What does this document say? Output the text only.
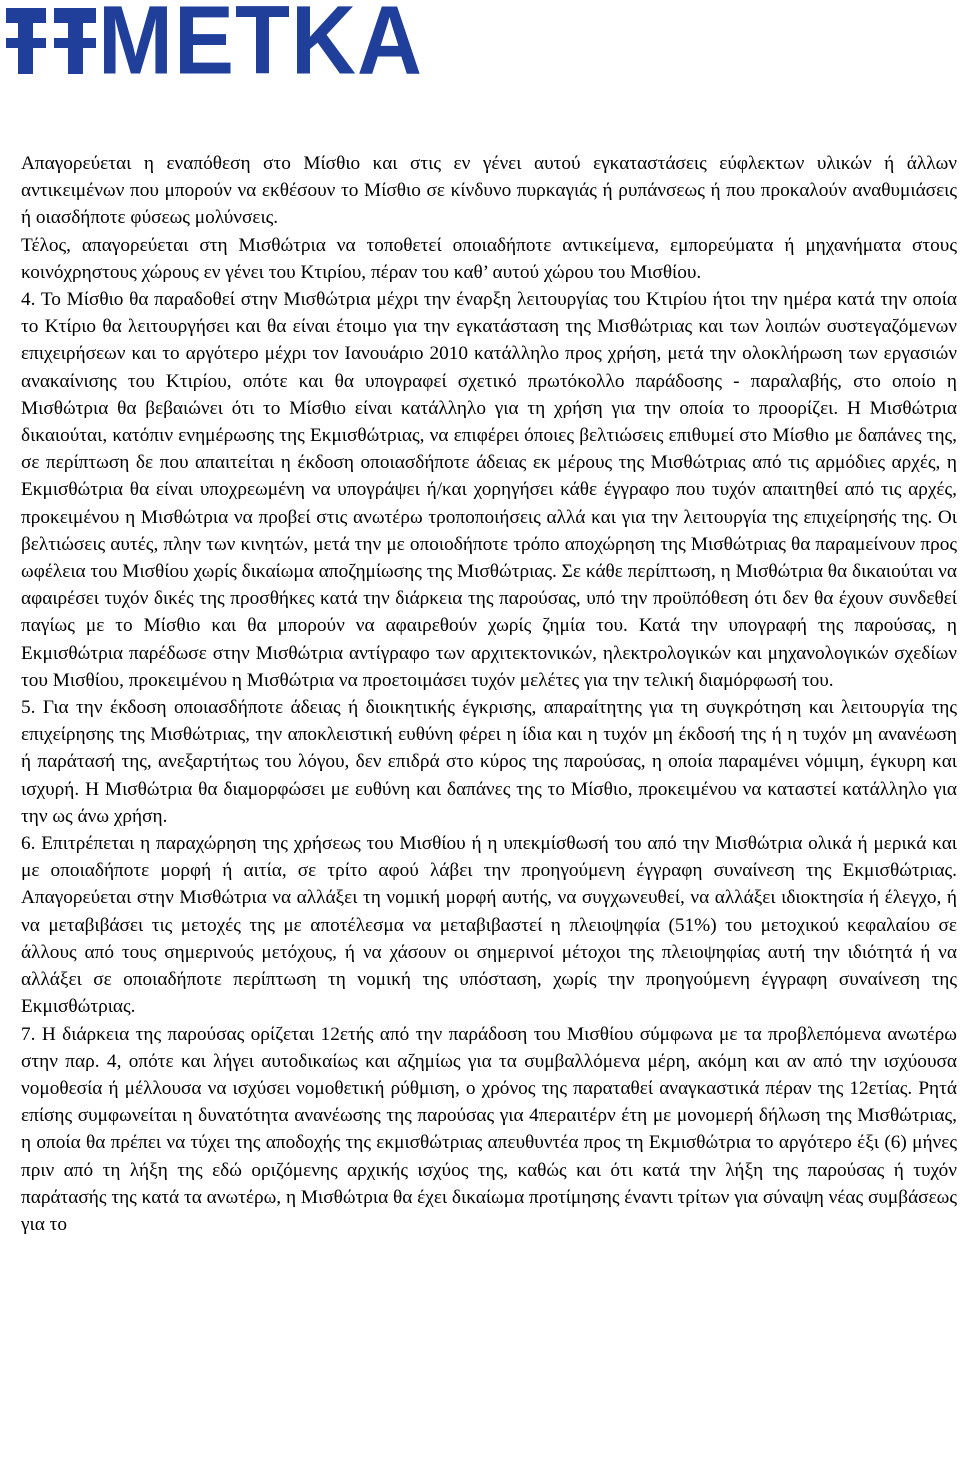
METKA

Απαγορεύεται η εναπόθεση στο Μίσθιο και στις εν γένει αυτού εγκαταστάσεις εύφλεκτων υλικών ή άλλων αντικειμένων που μπορούν να εκθέσουν το Μίσθιο σε κίνδυνο πυρκαγιάς ή ρυπάνσεως ή που προκαλούν αναθυμιάσεις ή οιασδήποτε φύσεως μολύνσεις.

Τέλος, απαγορεύεται στη Μισθώτρια να τοποθετεί οποιαδήποτε αντικείμενα, εμπορεύματα ή μηχανήματα στους κοινόχρηστους χώρους εν γένει του Κτιρίου, πέραν του καθ’ αυτού χώρου του Μισθίου.

4. Το Μίσθιο θα παραδοθεί στην Μισθώτρια μέχρι την έναρξη λειτουργίας του Κτιρίου ήτοι την ημέρα κατά την οποία το Κτίριο θα λειτουργήσει και θα είναι έτοιμο για την εγκατάσταση της Μισθώτριας και των λοιπών συστεγαζόμενων επιχειρήσεων και το αργότερο μέχρι τον Ιανουάριο 2010 κατάλληλο προς χρήση, μετά την ολοκλήρωση των εργασιών ανακαίνισης του Κτιρίου, οπότε και θα υπογραφεί σχετικό πρωτόκολλο παράδοσης - παραλαβής, στο οποίο η Μισθώτρια θα βεβαιώνει ότι το Μίσθιο είναι κατάλληλο για τη χρήση για την οποία το προορίζει. Η Μισθώτρια δικαιούται, κατόπιν ενημέρωσης της Εκμισθώτριας, να επιφέρει όποιες βελτιώσεις επιθυμεί στο Μίσθιο με δαπάνες της, σε περίπτωση δε που απαιτείται η έκδοση οποιασδήποτε άδειας εκ μέρους της Μισθώτριας από τις αρμόδιες αρχές, η Εκμισθώτρια θα είναι υποχρεωμένη να υπογράψει ή/και χορηγήσει κάθε έγγραφο που τυχόν απαιτηθεί από τις αρχές, προκειμένου η Μισθώτρια να προβεί στις ανωτέρω τροποποιήσεις αλλά και για την λειτουργία της επιχείρησής της. Οι βελτιώσεις αυτές, πλην των κινητών, μετά την με οποιοδήποτε τρόπο αποχώρηση της Μισθώτριας θα παραμείνουν προς ωφέλεια του Μισθίου χωρίς δικαίωμα αποζημίωσης της Μισθώτριας. Σε κάθε περίπτωση, η Μισθώτρια θα δικαιούται να αφαιρέσει τυχόν δικές της προσθήκες κατά την διάρκεια της παρούσας, υπό την προϋπόθεση ότι δεν θα έχουν συνδεθεί παγίως με το Μίσθιο και θα μπορούν να αφαιρεθούν χωρίς ζημία του. Κατά την υπογραφή της παρούσας, η Εκμισθώτρια παρέδωσε στην Μισθώτρια αντίγραφο των αρχιτεκτονικών, ηλεκτρολογικών και μηχανολογικών σχεδίων του Μισθίου, προκειμένου η Μισθώτρια να προετοιμάσει τυχόν μελέτες για την τελική διαμόρφωσή του.

5. Για την έκδοση οποιασδήποτε άδειας ή διοικητικής έγκρισης, απαραίτητης για τη συγκρότηση και λειτουργία της επιχείρησης της Μισθώτριας, την αποκλειστική ευθύνη φέρει η ίδια και η τυχόν μη έκδοσή της ή η τυχόν μη ανανέωση ή παράτασή της, ανεξαρτήτως του λόγου, δεν επιδρά στο κύρος της παρούσας, η οποία παραμένει νόμιμη, έγκυρη και ισχυρή. Η Μισθώτρια θα διαμορφώσει με ευθύνη και δαπάνες της το Μίσθιο, προκειμένου να καταστεί κατάλληλο για την ως άνω χρήση.

6. Επιτρέπεται η παραχώρηση της χρήσεως του Μισθίου ή η υπεκμίσθωσή του από την Μισθώτρια ολικά ή μερικά και με οποιαδήποτε μορφή ή αιτία, σε τρίτο αφού λάβει την προηγούμενη έγγραφη συναίνεση της Εκμισθώτριας. Απαγορεύεται στην Μισθώτρια να αλλάξει τη νομική μορφή αυτής, να συγχωνευθεί, να αλλάξει ιδιοκτησία ή έλεγχο, ή να μεταβιβάσει τις μετοχές της με αποτέλεσμα να μεταβιβαστεί η πλειοψηφία (51%) του μετοχικού κεφαλαίου σε άλλους από τους σημερινούς μετόχους, ή να χάσουν οι σημερινοί μέτοχοι της πλειοψηφίας αυτή την ιδιότητά ή να αλλάξει σε οποιαδήποτε περίπτωση τη νομική της υπόσταση, χωρίς την προηγούμενη έγγραφη συναίνεση της Εκμισθώτριας.

7. Η διάρκεια της παρούσας ορίζεται 12ετής από την παράδοση του Μισθίου σύμφωνα με τα προβλεπόμενα ανωτέρω στην παρ. 4, οπότε και λήγει αυτοδικαίως και αζημίως για τα συμβαλλόμενα μέρη, ακόμη και αν από την ισχύουσα νομοθεσία ή μέλλουσα να ισχύσει νομοθετική ρύθμιση, ο χρόνος της παραταθεί αναγκαστικά πέραν της 12ετίας. Ρητά επίσης συμφωνείται η δυνατότητα ανανέωσης της παρούσας για 4περαιτέρν έτη με μονομερή δήλωση της Μισθώτριας, η οποία θα πρέπει να τύχει της αποδοχής της εκμισθώτριας απευθυντέα προς τη Εκμισθώτρια το αργότερο έξι (6) μήνες πριν από τη λήξη της εδώ οριζόμενης αρχικής ισχύος της, καθώς και ότι κατά την λήξη της παρούσας ή τυχόν παράτασής της κατά τα ανωτέρω, η Μισθώτρια θα έχει δικαίωμα προτίμησης έναντι τρίτων για σύναψη νέας συμβάσεως για το
